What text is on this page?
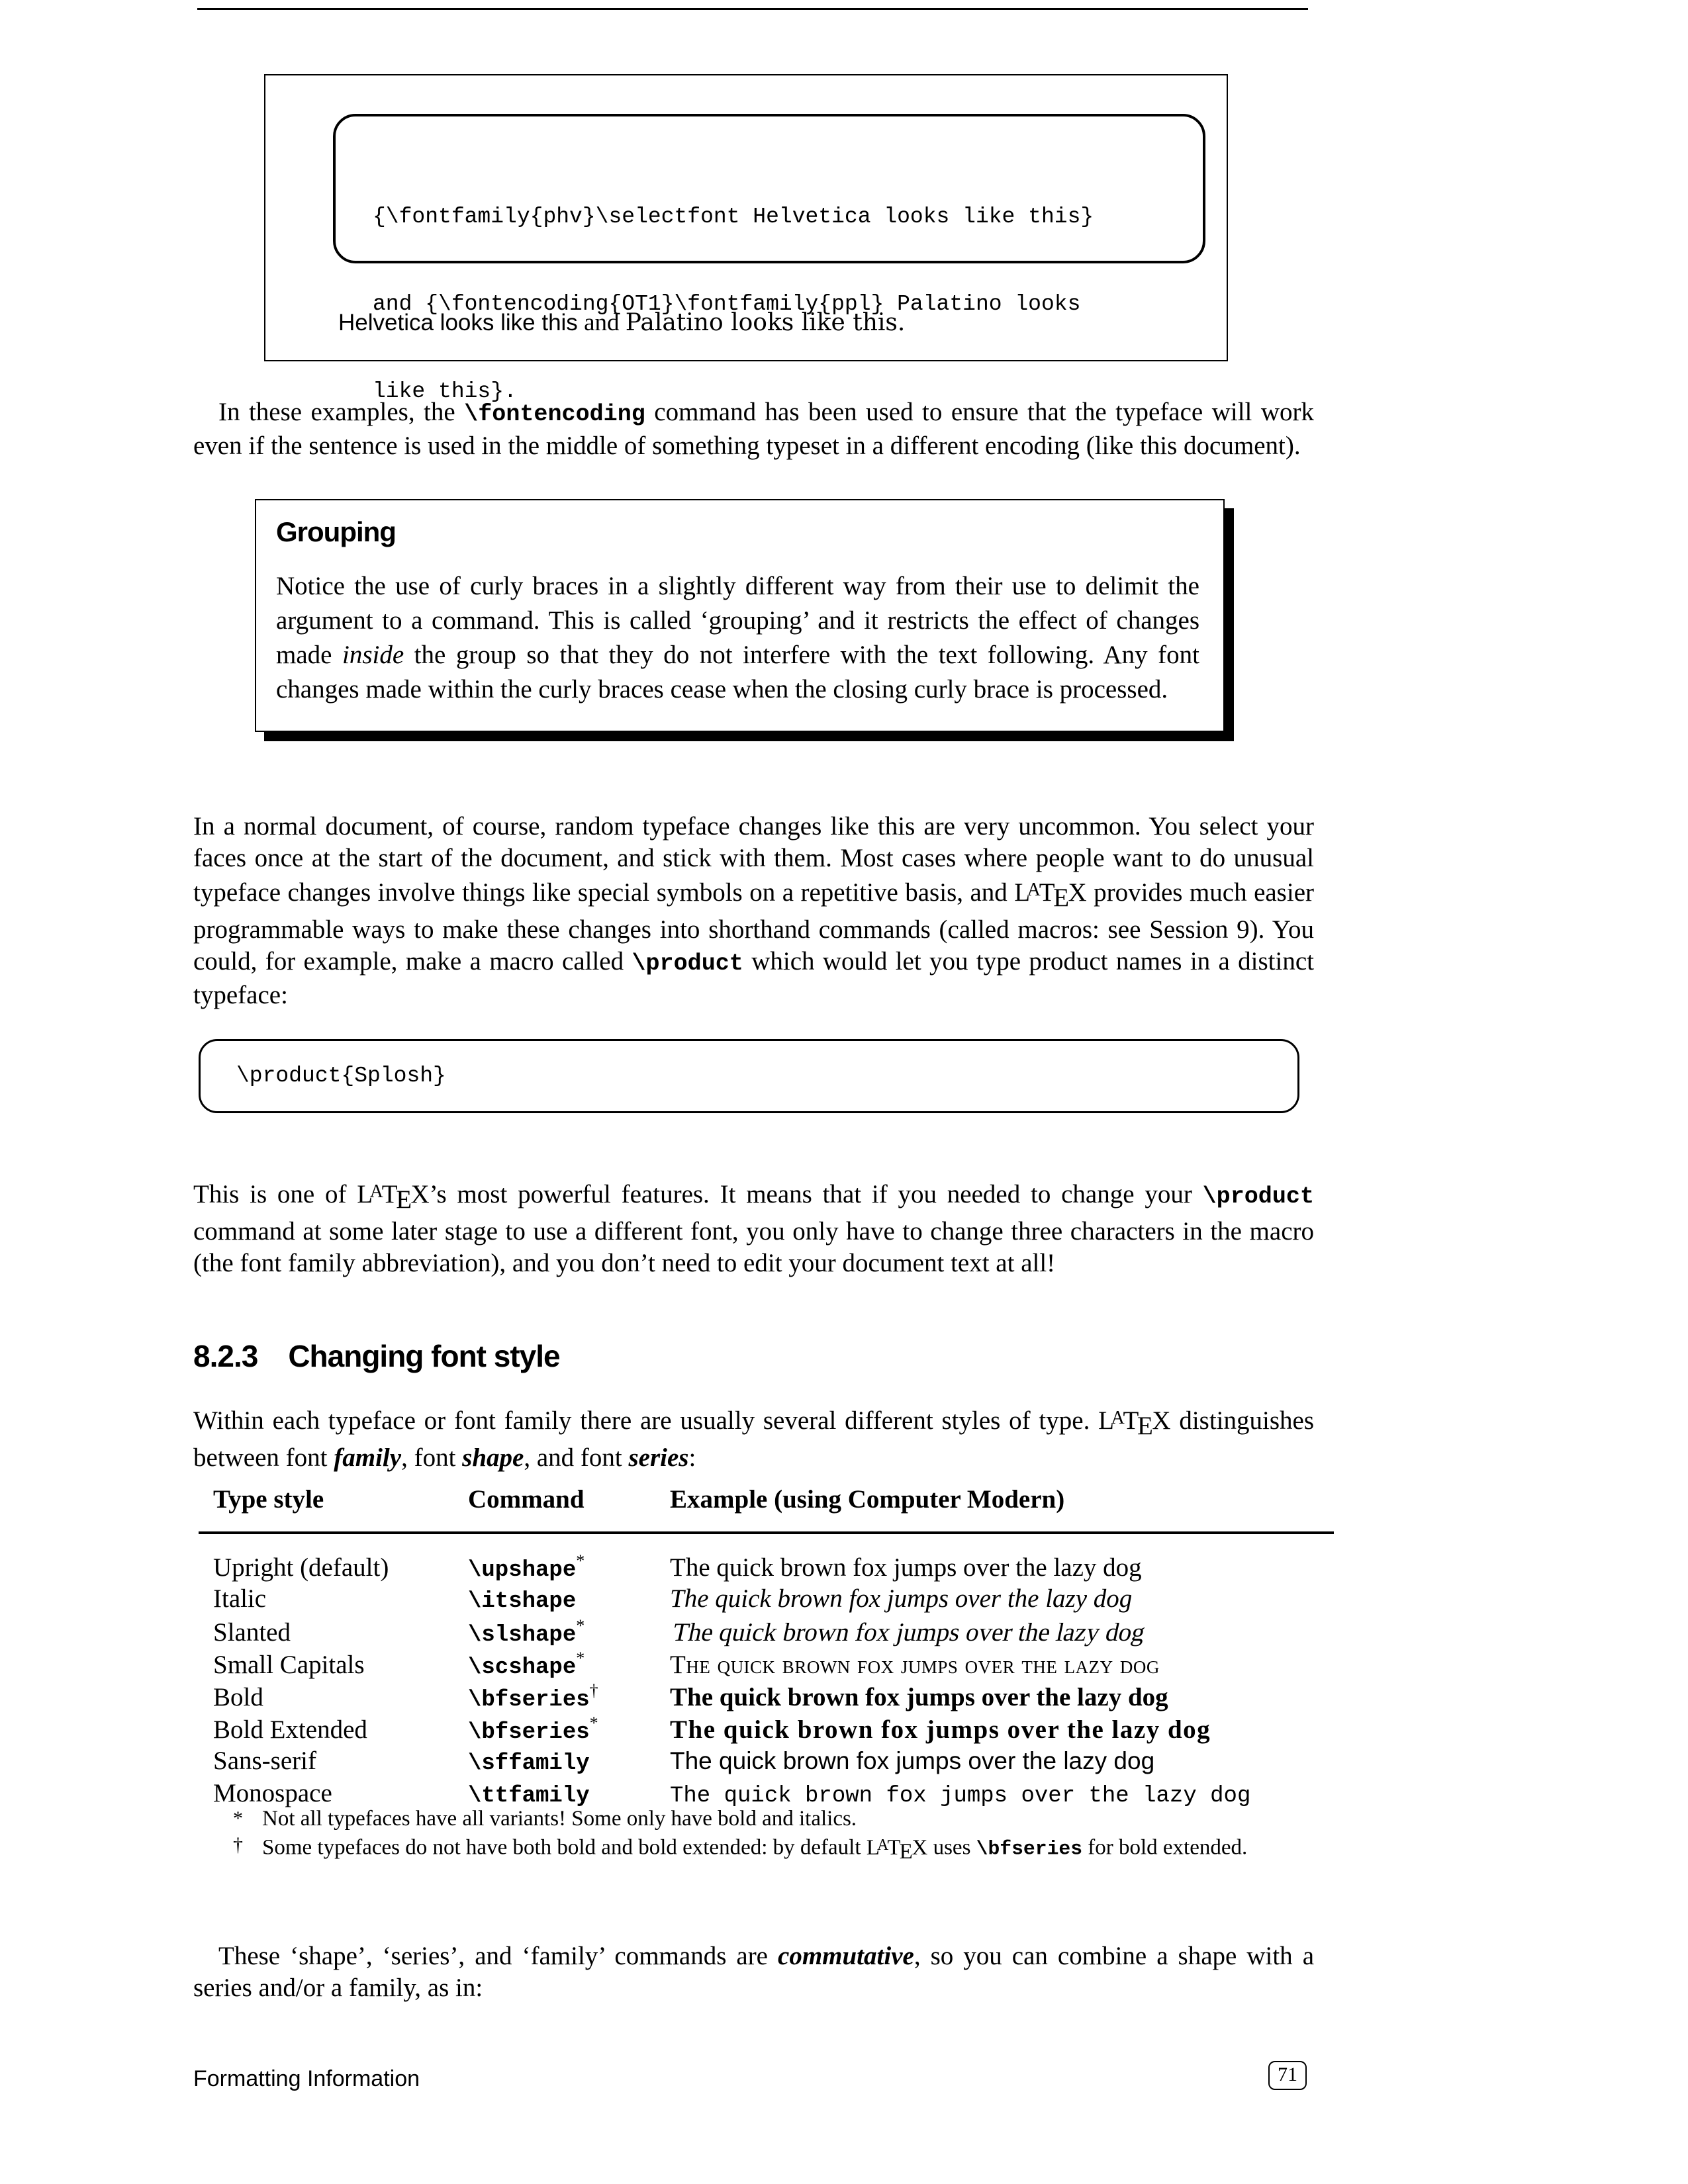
{\fontfamily{phv}\selectfont Helvetica looks like this}

and {\fontencoding{OT1}\fontfamily{ppl} Palatino looks

like this}.

Helvetica looks like this and Palatino looks like this.

In these examples, the \fontencoding command has been used to ensure that the typeface will work even if the sentence is used in the middle of something typeset in a different encoding (like this document).

Grouping
Notice the use of curly braces in a slightly different way from their use to delimit the argument to a command. This is called ‘grouping’ and it restricts the effect of changes made inside the group so that they do not interfere with the text following. Any font changes made within the curly braces cease when the closing curly brace is processed.

In a normal document, of course, random typeface changes like this are very uncommon. You select your faces once at the start of the document, and stick with them. Most cases where people want to do unusual typeface changes involve things like special symbols on a repetitive basis, and $L^ATEX$ provides much easier programmable ways to make these changes into shorthand commands (called macros: see Session 9). You could, for example, make a macro called \product which would let you type product names in a distinct typeface:

\product{Splosh}

This is one of $L^ATEX’s$ most powerful features. It means that if you needed to change your \product command at some later stage to use a different font, you only have to change three characters in the macro (the font family abbreviation), and you don’t need to edit your document text at all!

8.2.3 Changing font style

Within each typeface or font family there are usually several different styles of type. $L^ATEX$ distinguishes between font family, font shape, and font series:

Type style	Command	Example (using Computer Modern)
Upright (default)	\upshape*	The quick brown fox jumps over the lazy dog
Italic	\itshape	The quick brown fox jumps over the lazy dog
Slanted	\slshape*	The quick brown fox jumps over the lazy dog
Small Capitals	\scshape*	The quick brown fox jumps over the lazy dog
Bold	\bfseries†	The quick brown fox jumps over the lazy dog
Bold Extended	\bfseries*	The quick brown fox jumps over the lazy dog
Sans-serif	\sffamily	The quick brown fox jumps over the lazy dog
Monospace	\ttfamily	The quick brown fox jumps over the lazy dog
* Not all typefaces have all variants! Some only have bold and italics.
† Some typefaces do not have both bold and bold extended: by default $L^ATEX$ uses \bfseries for bold extended.

These ‘shape’, ‘series’, and ‘family’ commands are commutative, so you can combine a shape with a series and/or a family, as in:

Formatting Information	71
